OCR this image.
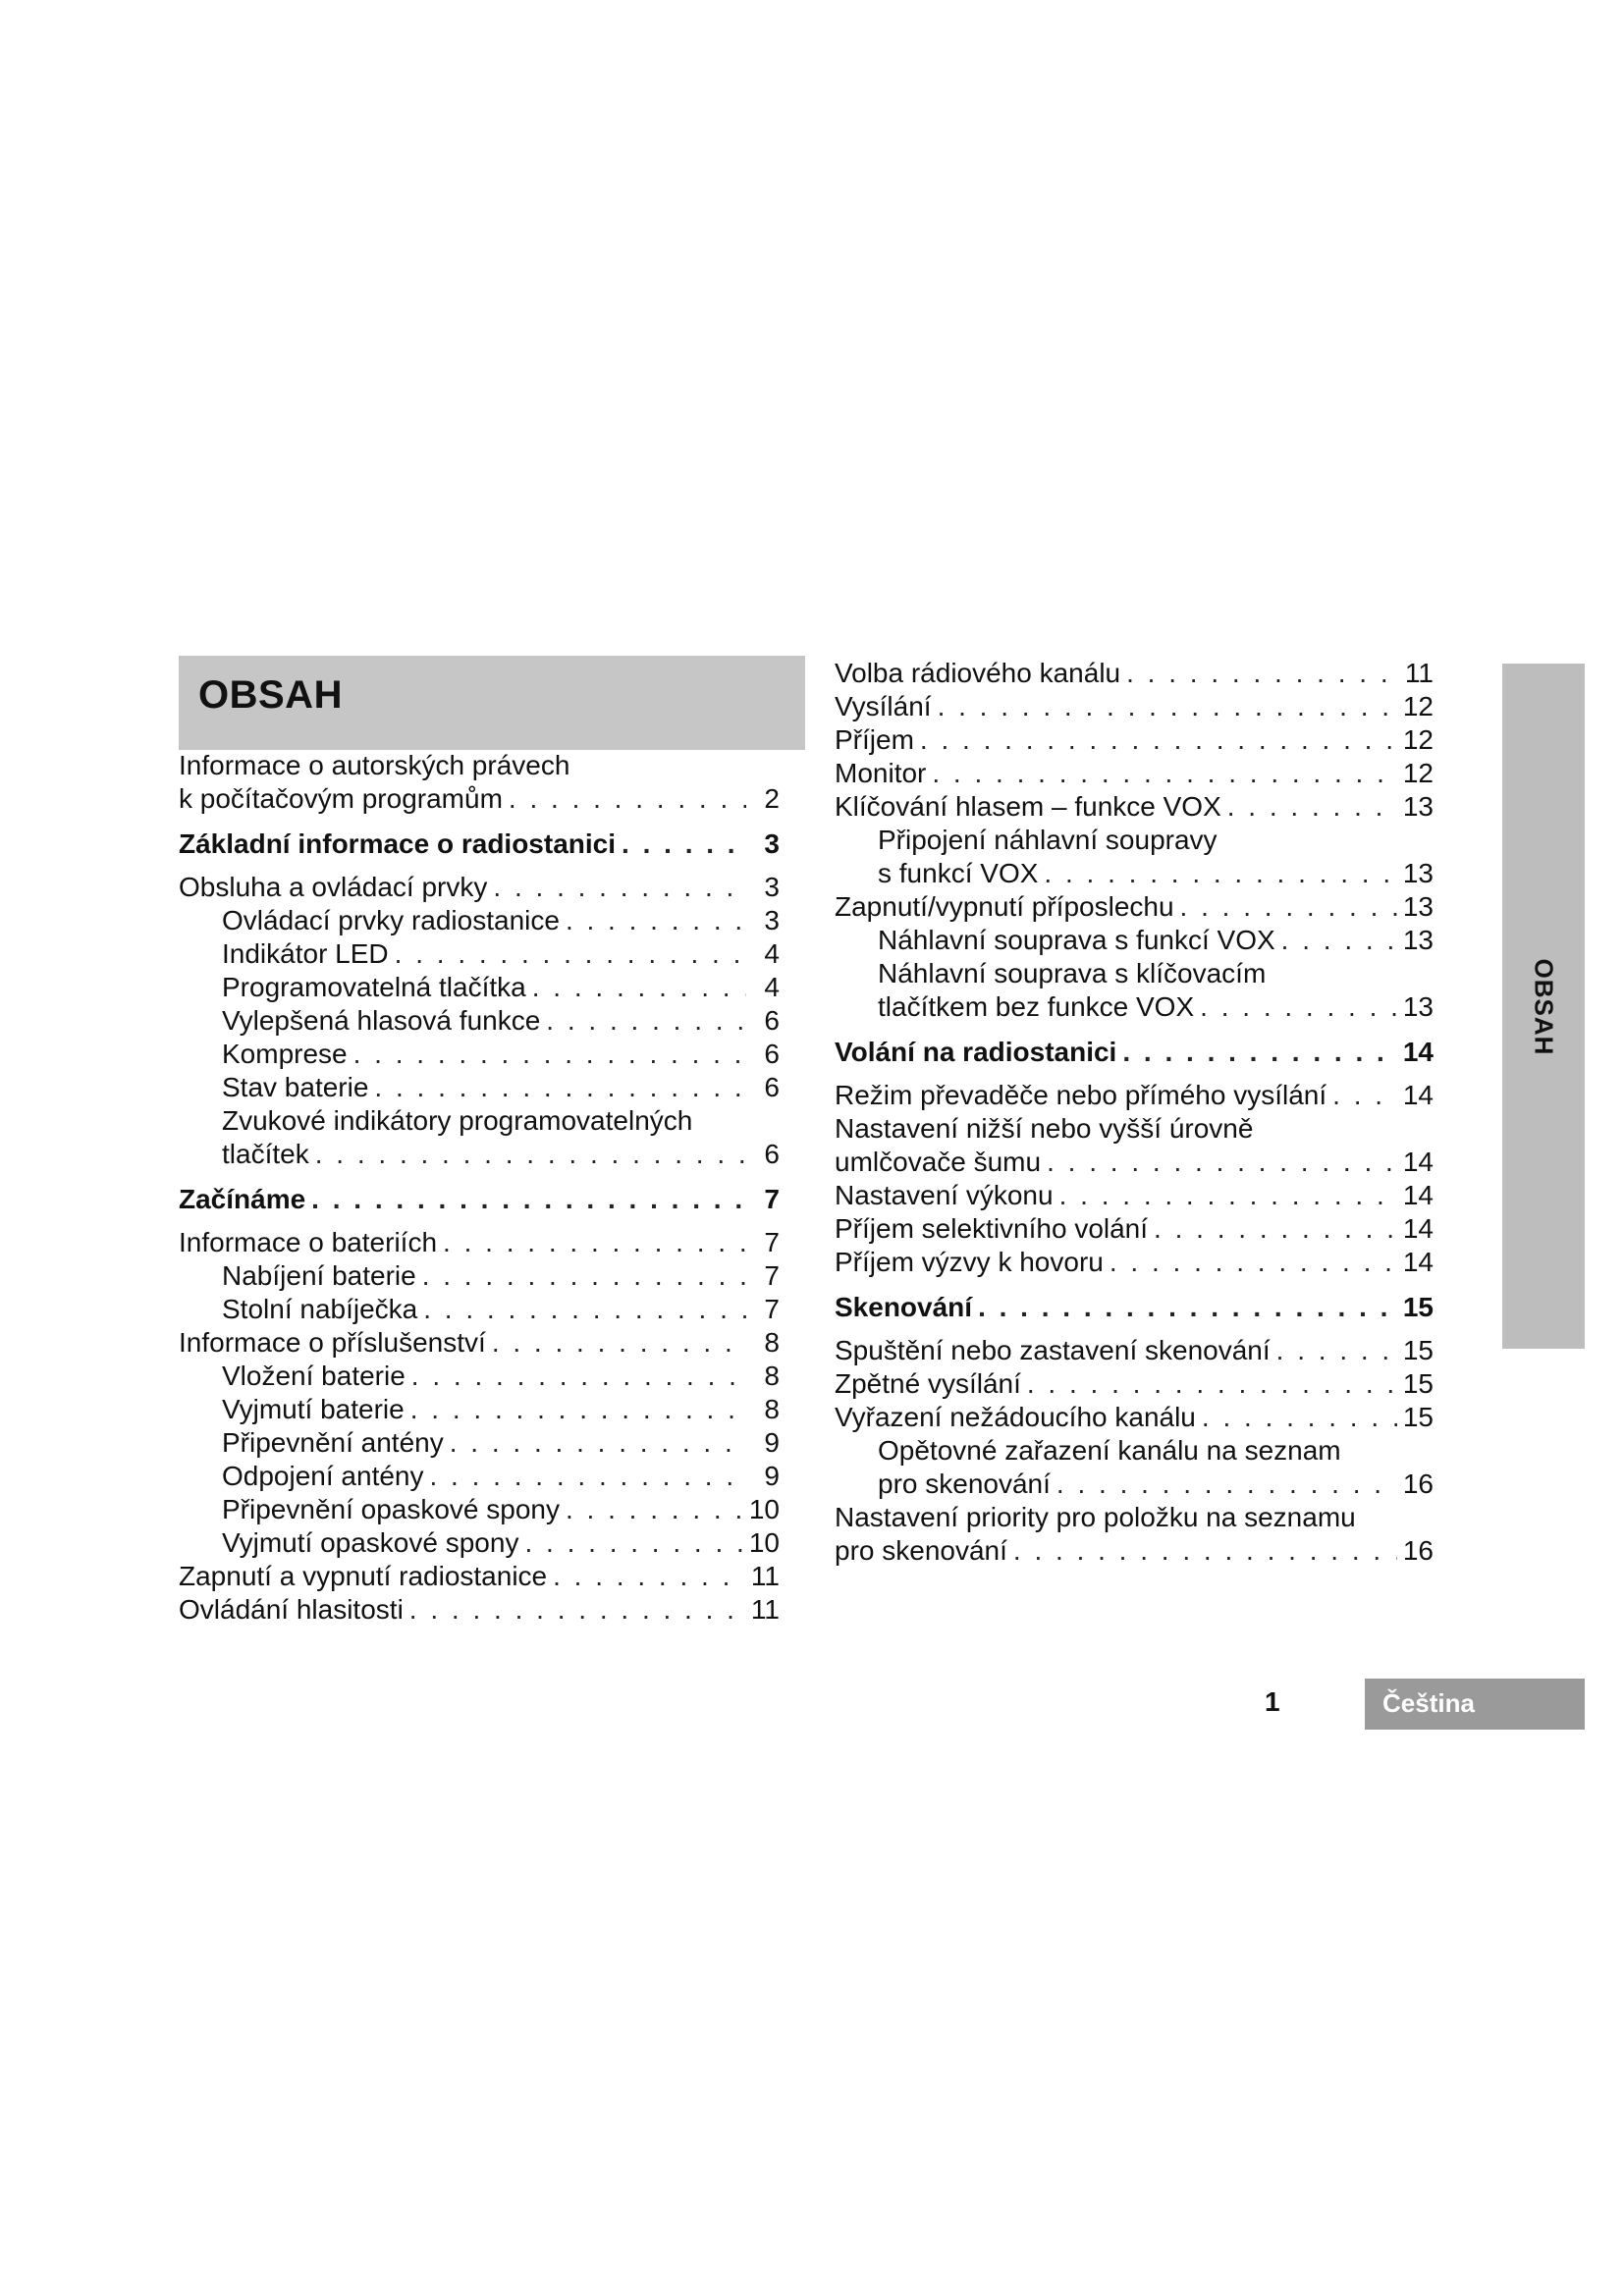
OBSAH
Informace o autorských právech
k počítačovým programům . . .	2
Základní informace o radiostanici . . .	3
Obsluha a ovládací prvky . . .	3
Ovládací prvky radiostanice . . .	3
Indikátor LED . . .	4
Programovatelná tlačítka . . .	4
Vylepšená hlasová funkce . . .	6
Komprese . . .	6
Stav baterie . . .	6
Zvukové indikátory programovatelných
tlačítek . . .	6
Začínáme . . .	7
Informace o bateriích . . .	7
Nabíjení baterie . . .	7
Stolní nabíječka . . .	7
Informace o příslušenství . . .	8
Vložení baterie . . .	8
Vyjmutí baterie . . .	8
Připevnění antény . . .	9
Odpojení antény . . .	9
Připevnění opaskové spony . . .	10
Vyjmutí opaskové spony . . .	10
Zapnutí a vypnutí radiostanice . . .	11
Ovládání hlasitosti . . .	11
Volba rádiového kanálu . . .	11
Vysílání . . .	12
Příjem . . .	12
Monitor . . .	12
Klíčování hlasem – funkce VOX . . .	13
Připojení náhlavní soupravy
s funkcí VOX . . .	13
Zapnutí/vypnutí příposlechu . . .	13
Náhlavní souprava s funkcí VOX . . .	13
Náhlavní souprava s klíčovacím
tlačítkem bez funkce VOX . . .	13
Volání na radiostanici . . .	14
Režim převaděče nebo přímého vysílání . . .	14
Nastavení nižší nebo vyšší úrovně
umlčovače šumu . . .	14
Nastavení výkonu . . .	14
Příjem selektivního volání . . .	14
Příjem výzvy k hovoru . . .	14
Skenování . . .	15
Spuštění nebo zastavení skenování . . .	15
Zpětné vysílání . . .	15
Vyřazení nežádoucího kanálu . . .	15
Opětovné zařazení kanálu na seznam
pro skenování . . .	16
Nastavení priority pro položku na seznamu
pro skenování . . .	16
OBSAH
1	Čeština
